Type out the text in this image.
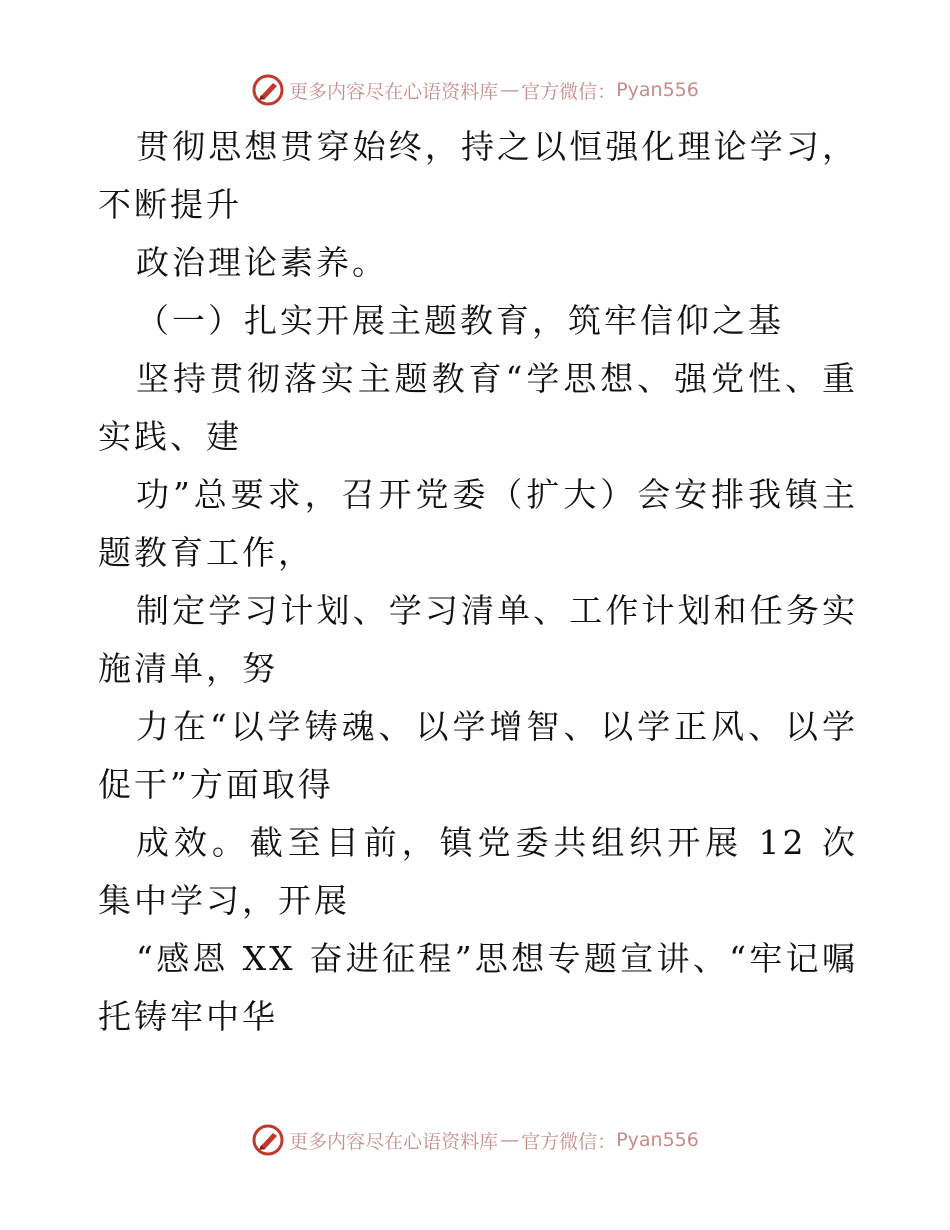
更多内容尽在心语资料库 — 官方微信： Pyan556

贯彻思想贯穿始终，持之以恒强化理论学习，不断提升

政治理论素养。

（一）扎实开展主题教育，筑牢信仰之基

坚持贯彻落实主题教育“学思想、强党性、重实践、建

功”总要求，召开党委（扩大）会安排我镇主题教育工作，

制定学习计划、学习清单、工作计划和任务实施清单，努

力在“以学铸魂、以学增智、以学正风、以学促干”方面取得

成效。截至目前，镇党委共组织开展 12 次集中学习，开展

“感恩 XX 奋进征程”思想专题宣讲、“牢记嘱托铸牢中华

更多内容尽在心语资料库 — 官方微信： Pyan556
